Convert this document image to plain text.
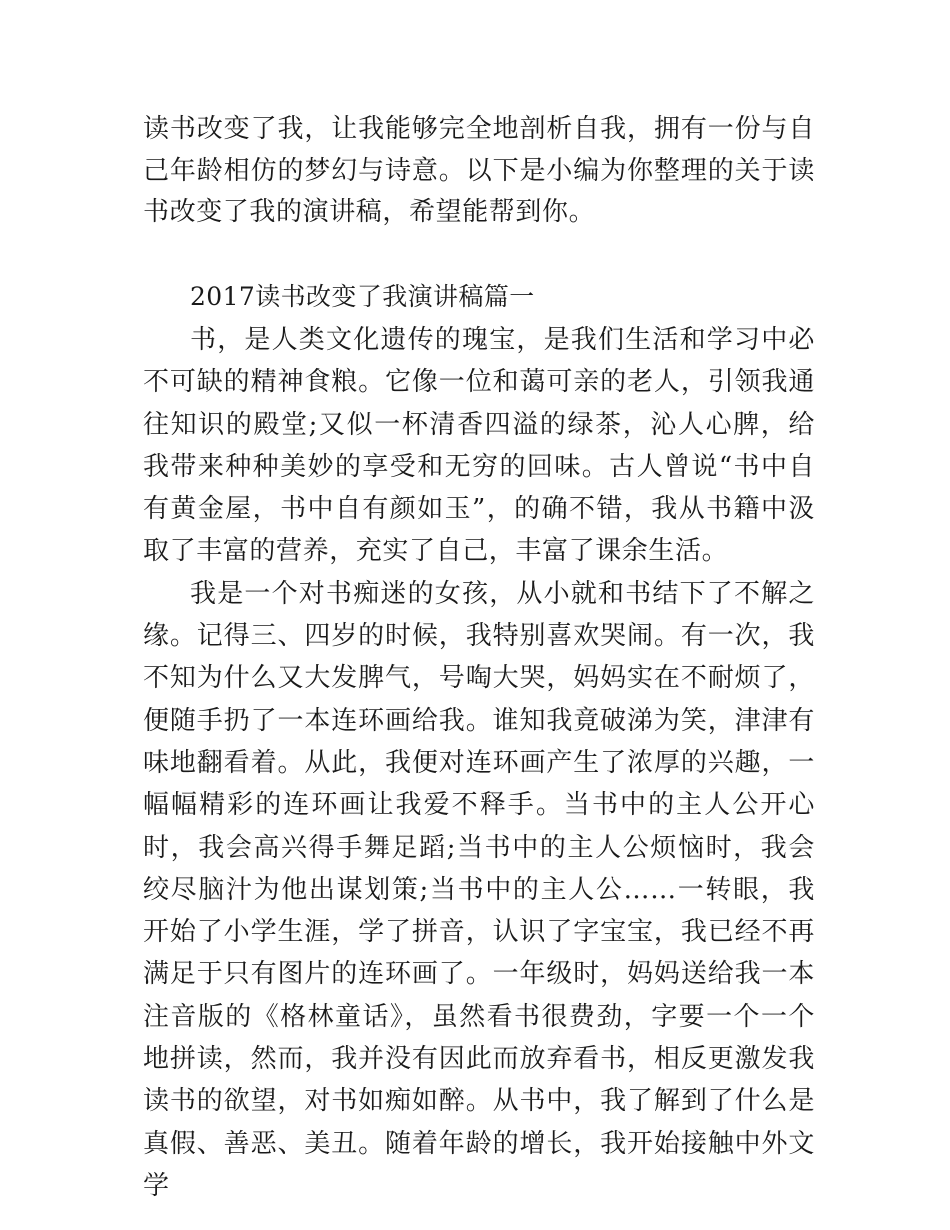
读书改变了我，让我能够完全地剖析自我，拥有一份与自己年龄相仿的梦幻与诗意。以下是小编为你整理的关于读书改变了我的演讲稿，希望能帮到你。
2017读书改变了我演讲稿篇一

书，是人类文化遗传的瑰宝，是我们生活和学习中必不可缺的精神食粮。它像一位和蔼可亲的老人，引领我通往知识的殿堂;又似一杯清香四溢的绿茶，沁人心脾，给我带来种种美妙的享受和无穷的回味。古人曾说“书中自有黄金屋，书中自有颜如玉”，的确不错，我从书籍中汲取了丰富的营养，充实了自己，丰富了课余生活。

我是一个对书痴迷的女孩，从小就和书结下了不解之缘。记得三、四岁的时候，我特别喜欢哭闹。有一次，我不知为什么又大发脾气，号啕大哭，妈妈实在不耐烦了，便随手扔了一本连环画给我。谁知我竟破涕为笑，津津有味地翻看着。从此，我便对连环画产生了浓厚的兴趣，一幅幅精彩的连环画让我爱不释手。当书中的主人公开心时，我会高兴得手舞足蹈;当书中的主人公烦恼时，我会绞尽脑汁为他出谋划策;当书中的主人公……一转眼，我开始了小学生涯，学了拼音，认识了字宝宝，我已经不再满足于只有图片的连环画了。一年级时，妈妈送给我一本注音版的《格林童话》，虽然看书很费劲，字要一个一个地拼读，然而，我并没有因此而放弃看书，相反更激发我读书的欲望，对书如痴如醉。从书中，我了解到了什么是真假、善恶、美丑。随着年龄的增长，我开始接触中外文学
